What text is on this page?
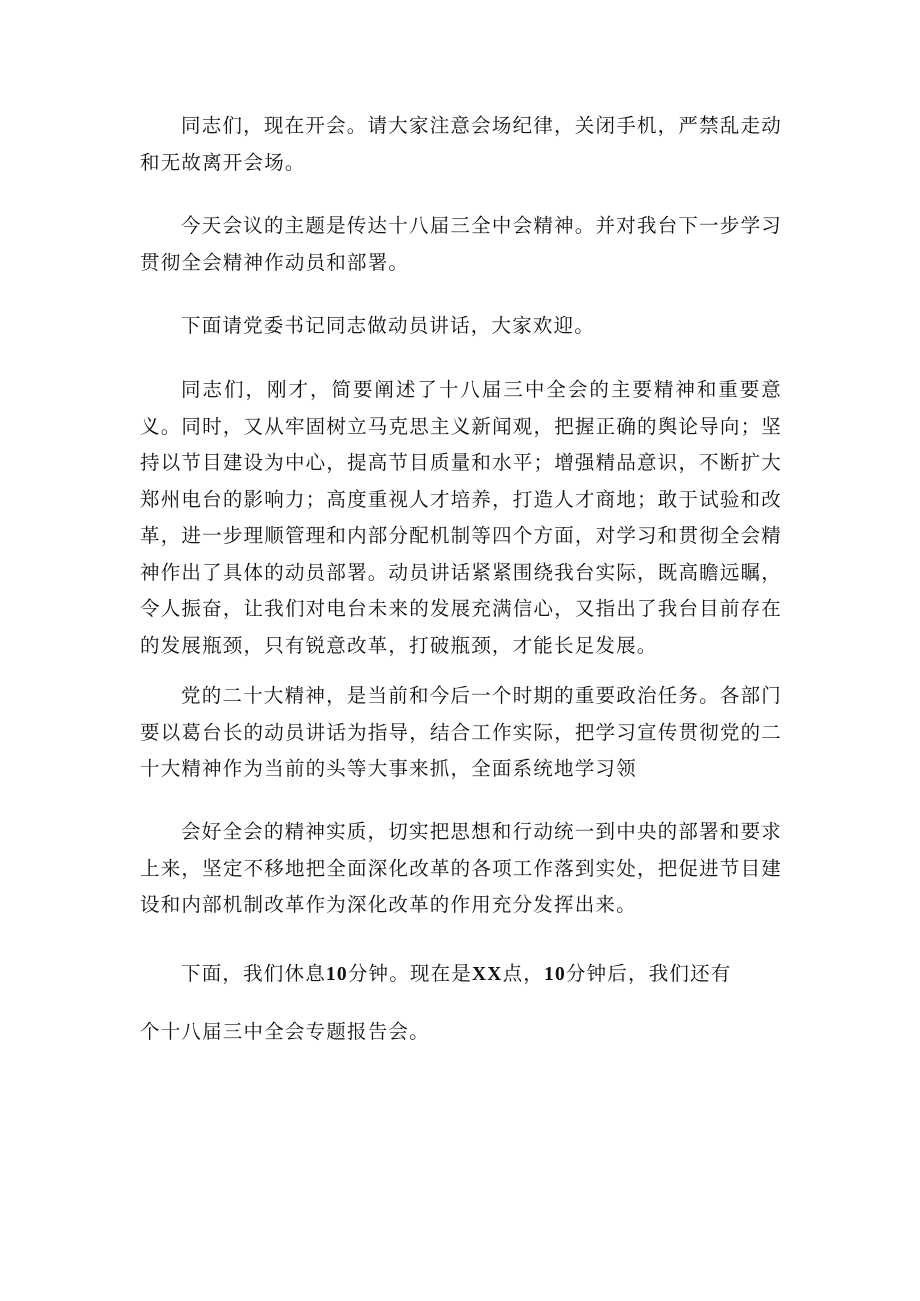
同志们，现在开会。请大家注意会场纪律，关闭手机，严禁乱走动和无故离开会场。

今天会议的主题是传达十八届三全中会精神。并对我台下一步学习贯彻全会精神作动员和部署。

下面请党委书记同志做动员讲话，大家欢迎。

同志们，刚才，简要阐述了十八届三中全会的主要精神和重要意义。同时，又从牢固树立马克思主义新闻观，把握正确的舆论导向；坚持以节目建设为中心，提高节目质量和水平；增强精品意识，不断扩大郑州电台的影响力；高度重视人才培养，打造人才商地；敢于试验和改革，进一步理顺管理和内部分配机制等四个方面，对学习和贯彻全会精神作出了具体的动员部署。动员讲话紧紧围绕我台实际，既高瞻远瞩，令人振奋，让我们对电台未来的发展充满信心，又指出了我台目前存在的发展瓶颈，只有锐意改革，打破瓶颈，才能长足发展。

党的二十大精神，是当前和今后一个时期的重要政治任务。各部门要以葛台长的动员讲话为指导，结合工作实际，把学习宣传贯彻党的二十大精神作为当前的头等大事来抓，全面系统地学习领

会好全会的精神实质，切实把思想和行动统一到中央的部署和要求上来，坚定不移地把全面深化改革的各项工作落到实处，把促进节目建设和内部机制改革作为深化改革的作用充分发挥出来。

下面，我们休息10分钟。现在是XX点，10分钟后，我们还有

个十八届三中全会专题报告会。
